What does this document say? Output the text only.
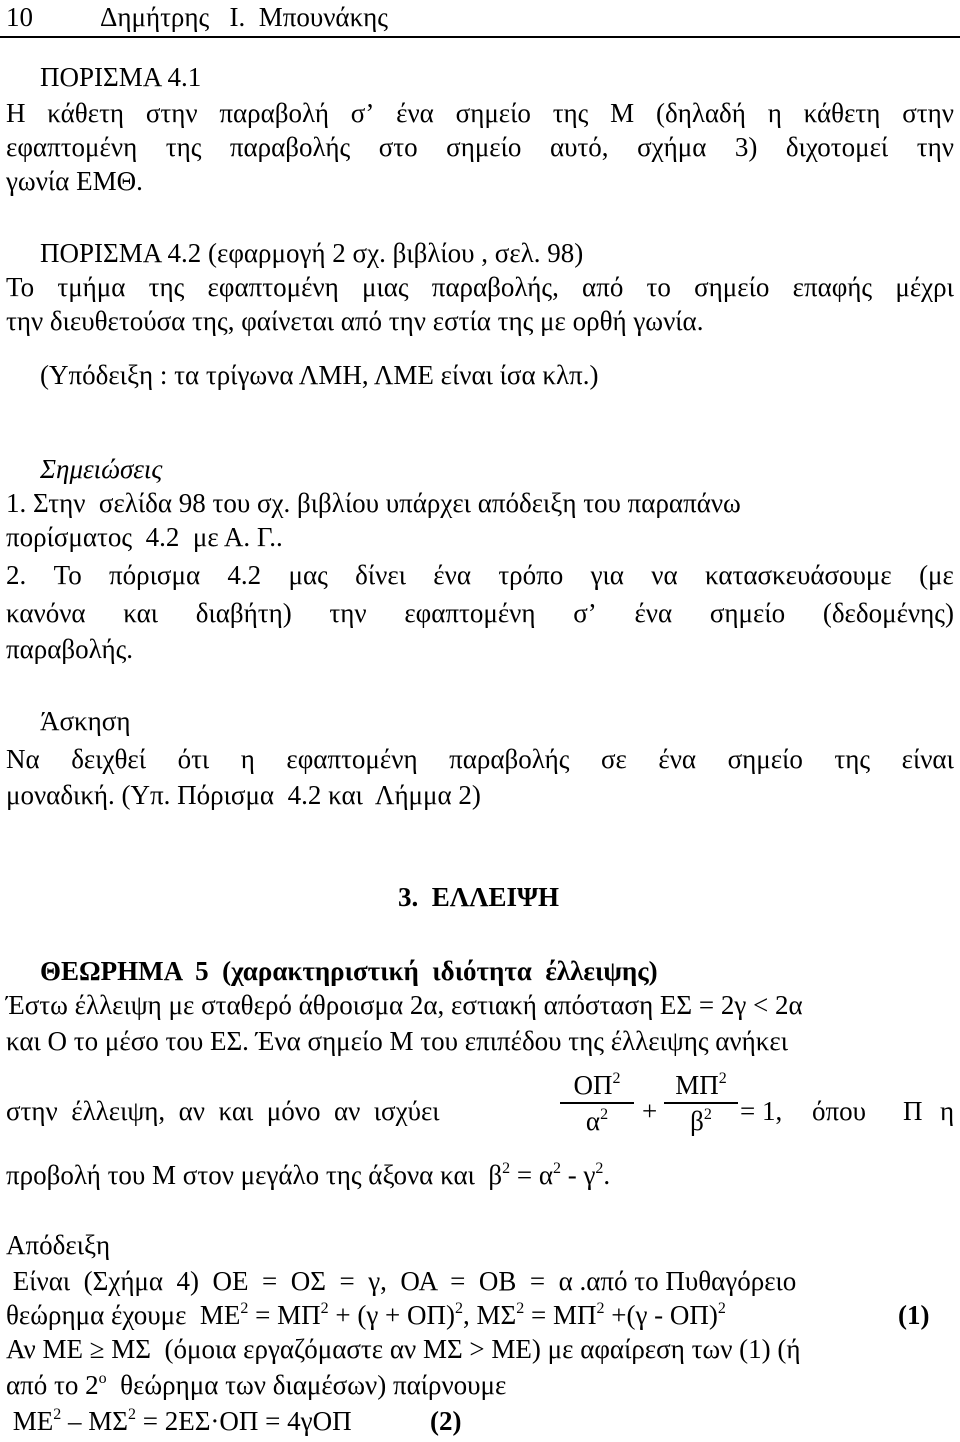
10 Δημήτρης   Ι.  Μπουνάκης
ΠΟΡΙΣΜΑ 4.1
Η κάθετη στην παραβολή σ’ ένα σημείο της Μ (δηλαδή η κάθετη στην
εφαπτομένη της παραβολής στο σημείο αυτό, σχήμα 3) διχοτομεί την
γωνία ΕΜΘ.
ΠΟΡΙΣΜΑ 4.2 (εφαρμογή 2 σχ. βιβλίου , σελ. 98)
Το τμήμα της εφαπτομένη μιας παραβολής, από το σημείο επαφής μέχρι
την διευθετούσα της, φαίνεται από την εστία της με ορθή γωνία.
(Υπόδειξη : τα τρίγωνα ΛΜΗ, ΛΜΕ είναι ίσα κλπ.)
Σημειώσεις
1. Στην  σελίδα 98 του σχ. βιβλίου υπάρχει απόδειξη του παραπάνω
πορίσματος  4.2  με Α. Γ..
2. Το πόρισμα 4.2 μας δίνει ένα τρόπο για να κατασκευάσουμε (με
κανόνα και διαβήτη) την εφαπτομένη σ’ ένα σημείο (δεδομένης)
παραβολής.
Άσκηση
Να δειχθεί ότι η εφαπτομένη παραβολής σε ένα σημείο της είναι
μοναδική. (Υπ. Πόρισμα  4.2 και  Λήμμα 2)
3.  ΕΛΛΕΙΨΗ
ΘΕΩΡΗΜΑ  5  (χαρακτηριστική  ιδιότητα  έλλειψης)
Έστω έλλειψη με σταθερό άθροισμα 2α, εστιακή απόσταση ΕΣ = 2γ < 2α
και Ο το μέσο του ΕΣ. Ένα σημείο Μ του επιπέδου της έλλειψης ανήκει
στην  έλλειψη,  αν  και  μόνο  αν  ισχύει
$O\Pi^2$
$\alpha^2$	+
$M\Pi^2$
$\beta^2$	= 1, όπου Π η
προβολή του Μ στον μεγάλο της άξονα και  $\beta^2 = \alpha^2 - \gamma^2$.
Απόδειξη
Είναι  (Σχήμα  4)  ΟΕ  =  ΟΣ  =  γ,  ΟΑ  =  ΟΒ  =  α .από το Πυθαγόρειο
θεώρημα έχουμε  $ME^2 = M\Pi^2 + (\gamma + O\Pi)^2$, $M\Sigma^2 = M\Pi^2 +(\gamma - O\Pi)^2$	(1)
Αν ΜΕ ≥ ΜΣ  (όμοια εργαζόμαστε αν ΜΣ > ΜΕ) με αφαίρεση των (1) (ή
από το $2^o$  θεώρημα των διαμέσων) παίρνουμε
$ME^2 - M\Sigma^2 = 2E\Sigma\cdot O\Pi = 4\gamma O\Pi$	(2)
